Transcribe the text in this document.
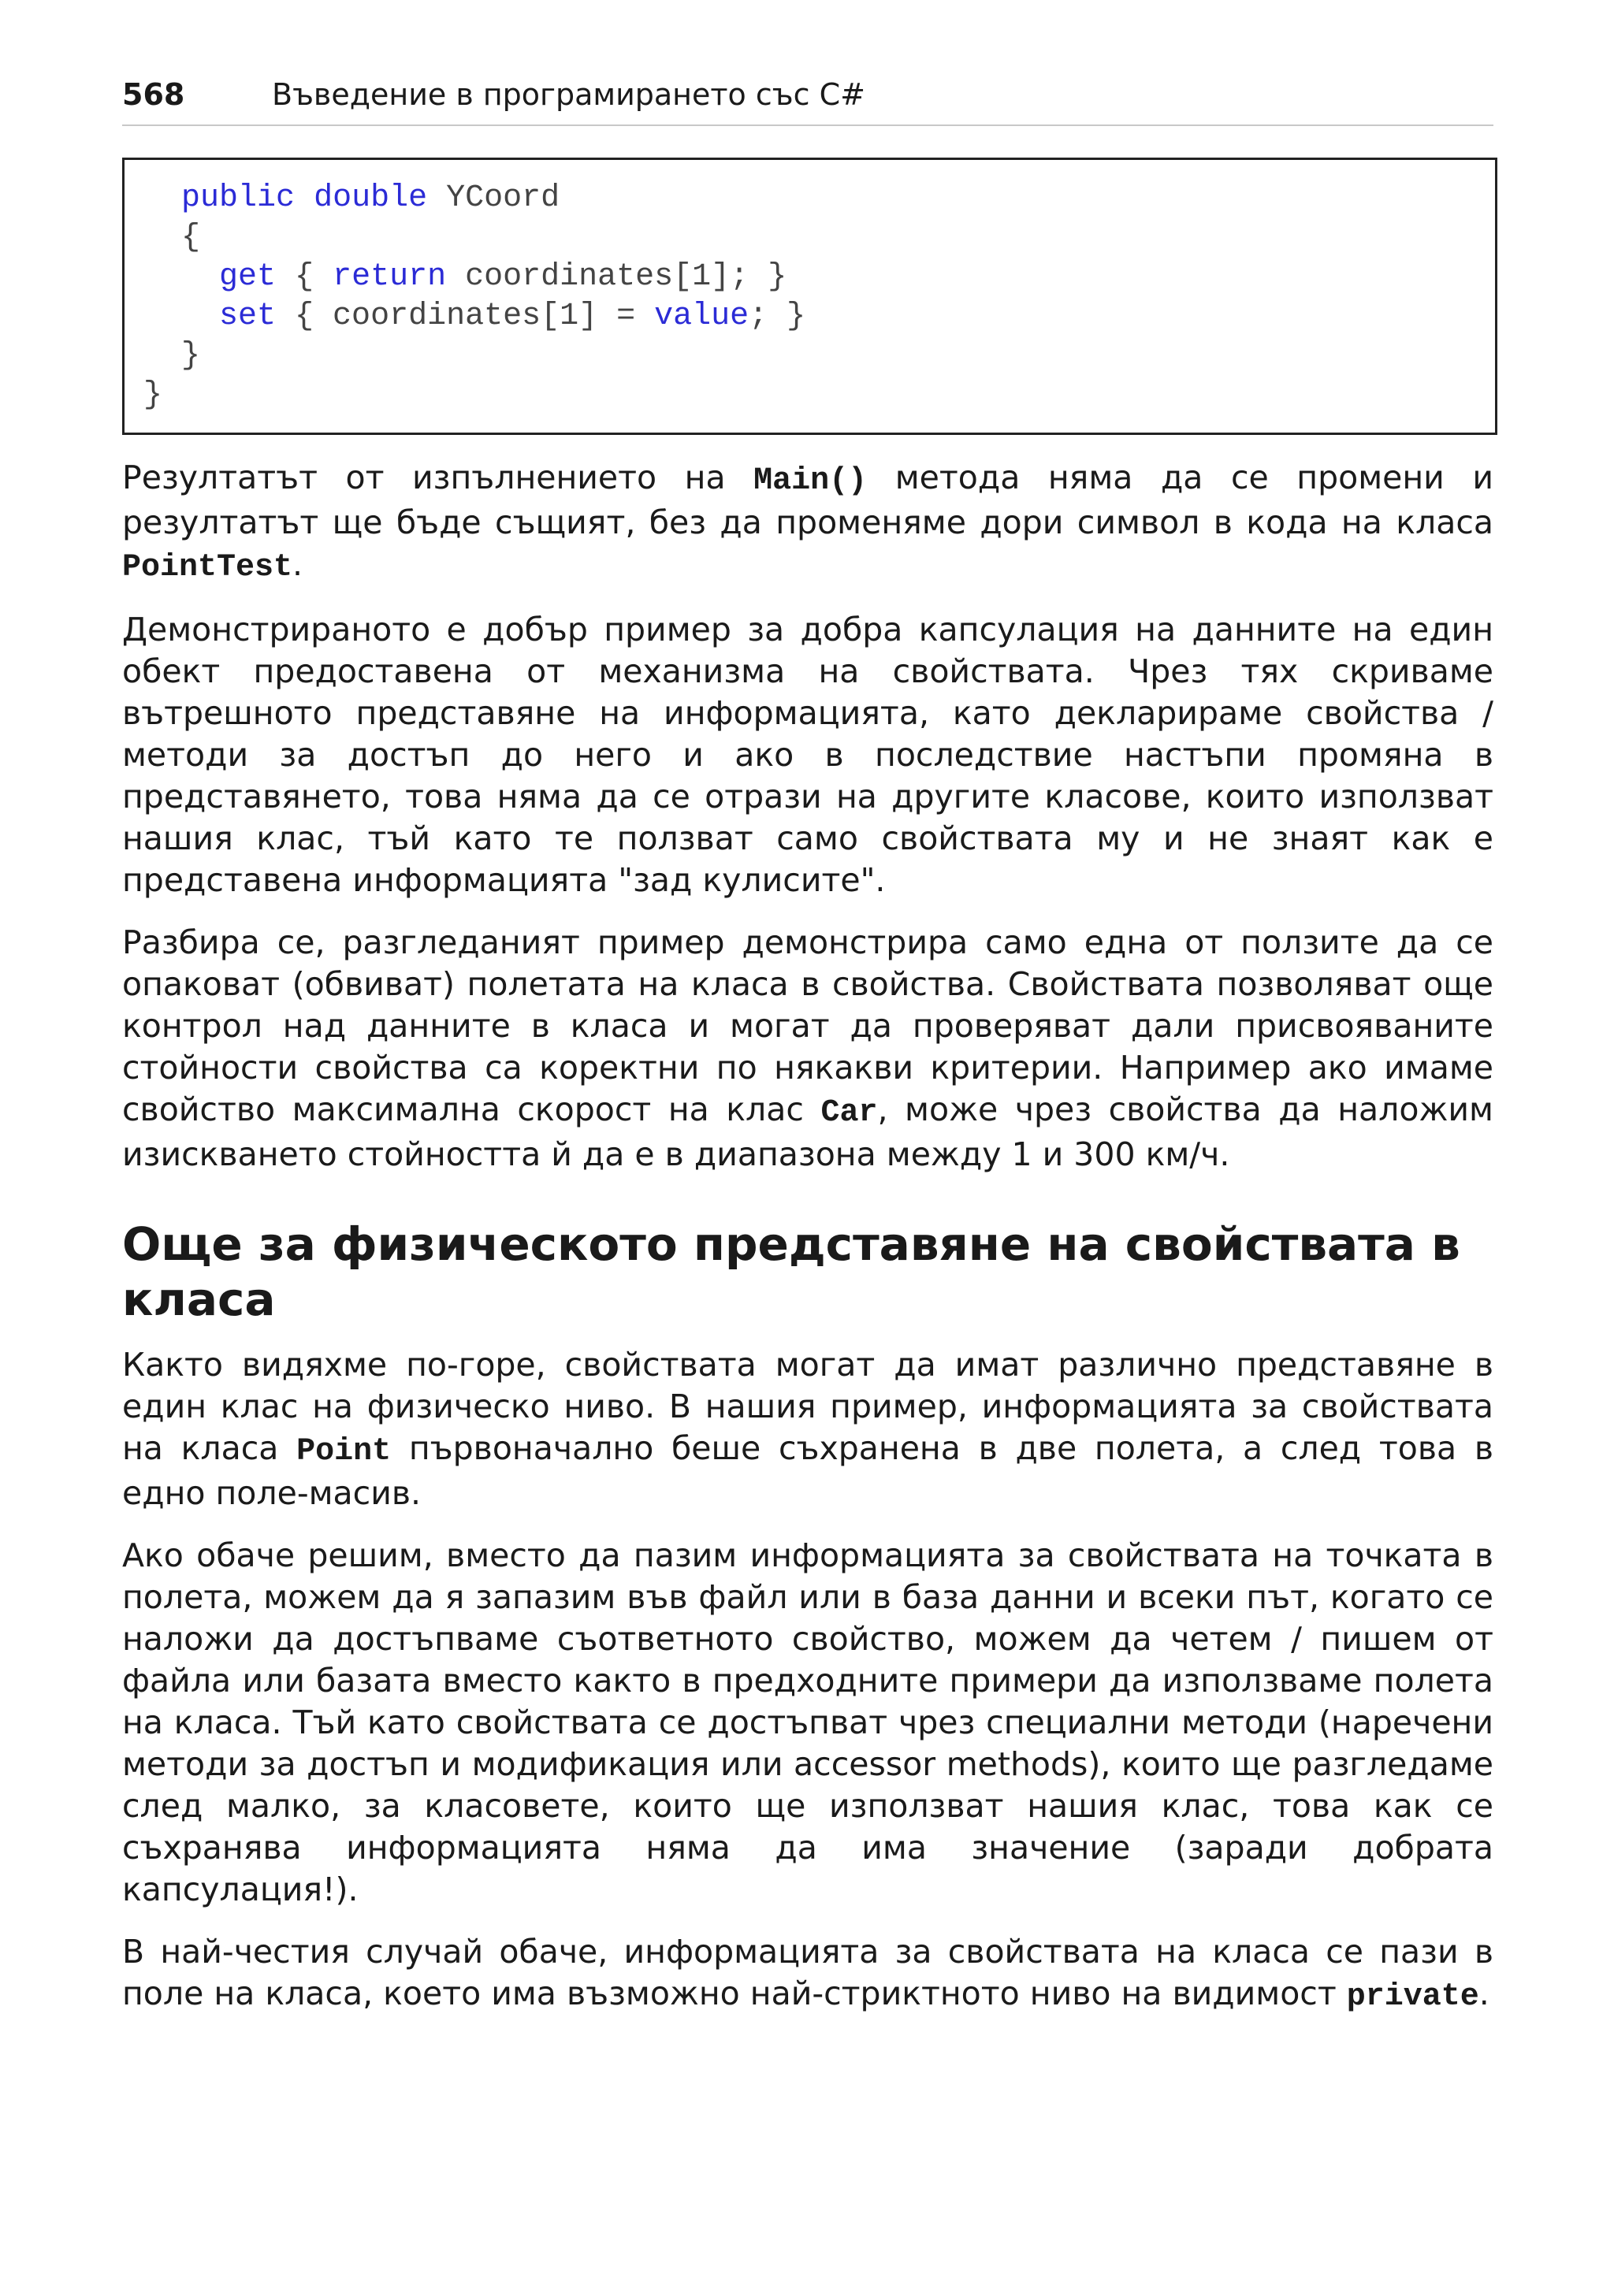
568	Въведение в програмирането със C#
public double YCoord
{
get { return coordinates[1]; }
set { coordinates[1] = value; }
}
}

Резултатът от изпълнението на Main() метода няма да се промени и резултатът ще бъде същият, без да променяме дори символ в кода на класа PointTest.

Демонстрираното е добър пример за добра капсулация на данните на един обект предоставена от механизма на свойствата. Чрез тях скриваме вътрешното представяне на информацията, като декларираме свойства / методи за достъп до него и ако в последствие настъпи промяна в представянето, това няма да се отрази на другите класове, които използват нашия клас, тъй като те ползват само свойствата му и не знаят как е представена информацията "зад кулисите".

Разбира се, разгледаният пример демонстрира само една от ползите да се опаковат (обвиват) полетата на класа в свойства. Свойствата позволяват още контрол над данните в класа и могат да проверяват дали присвояваните стойности свойства са коректни по някакви критерии. Например ако имаме свойство максимална скорост на клас Car, може чрез свойства да наложим изискването стойността й да е в диапазона между 1 и 300 км/ч.

Още за физическото представяне на свойствата в класа

Както видяхме по-горе, свойствата могат да имат различно представяне в един клас на физическо ниво. В нашия пример, информацията за свойствата на класа Point първоначално беше съхранена в две полета, а след това в едно поле-масив.

Ако обаче решим, вместо да пазим информацията за свойствата на точката в полета, можем да я запазим във файл или в база данни и всеки път, когато се наложи да достъпваме съответното свойство, можем да четем / пишем от файла или базата вместо както в предходните примери да използваме полета на класа. Тъй като свойствата се достъпват чрез специални методи (наречени методи за достъп и модификация или accessor methods), които ще разгледаме след малко, за класовете, които ще използват нашия клас, това как се съхранява информацията няма да има значение (заради добрата капсулация!).

В най-честия случай обаче, информацията за свойствата на класа се пази в поле на класа, което има възможно най-стриктното ниво на видимост private.
